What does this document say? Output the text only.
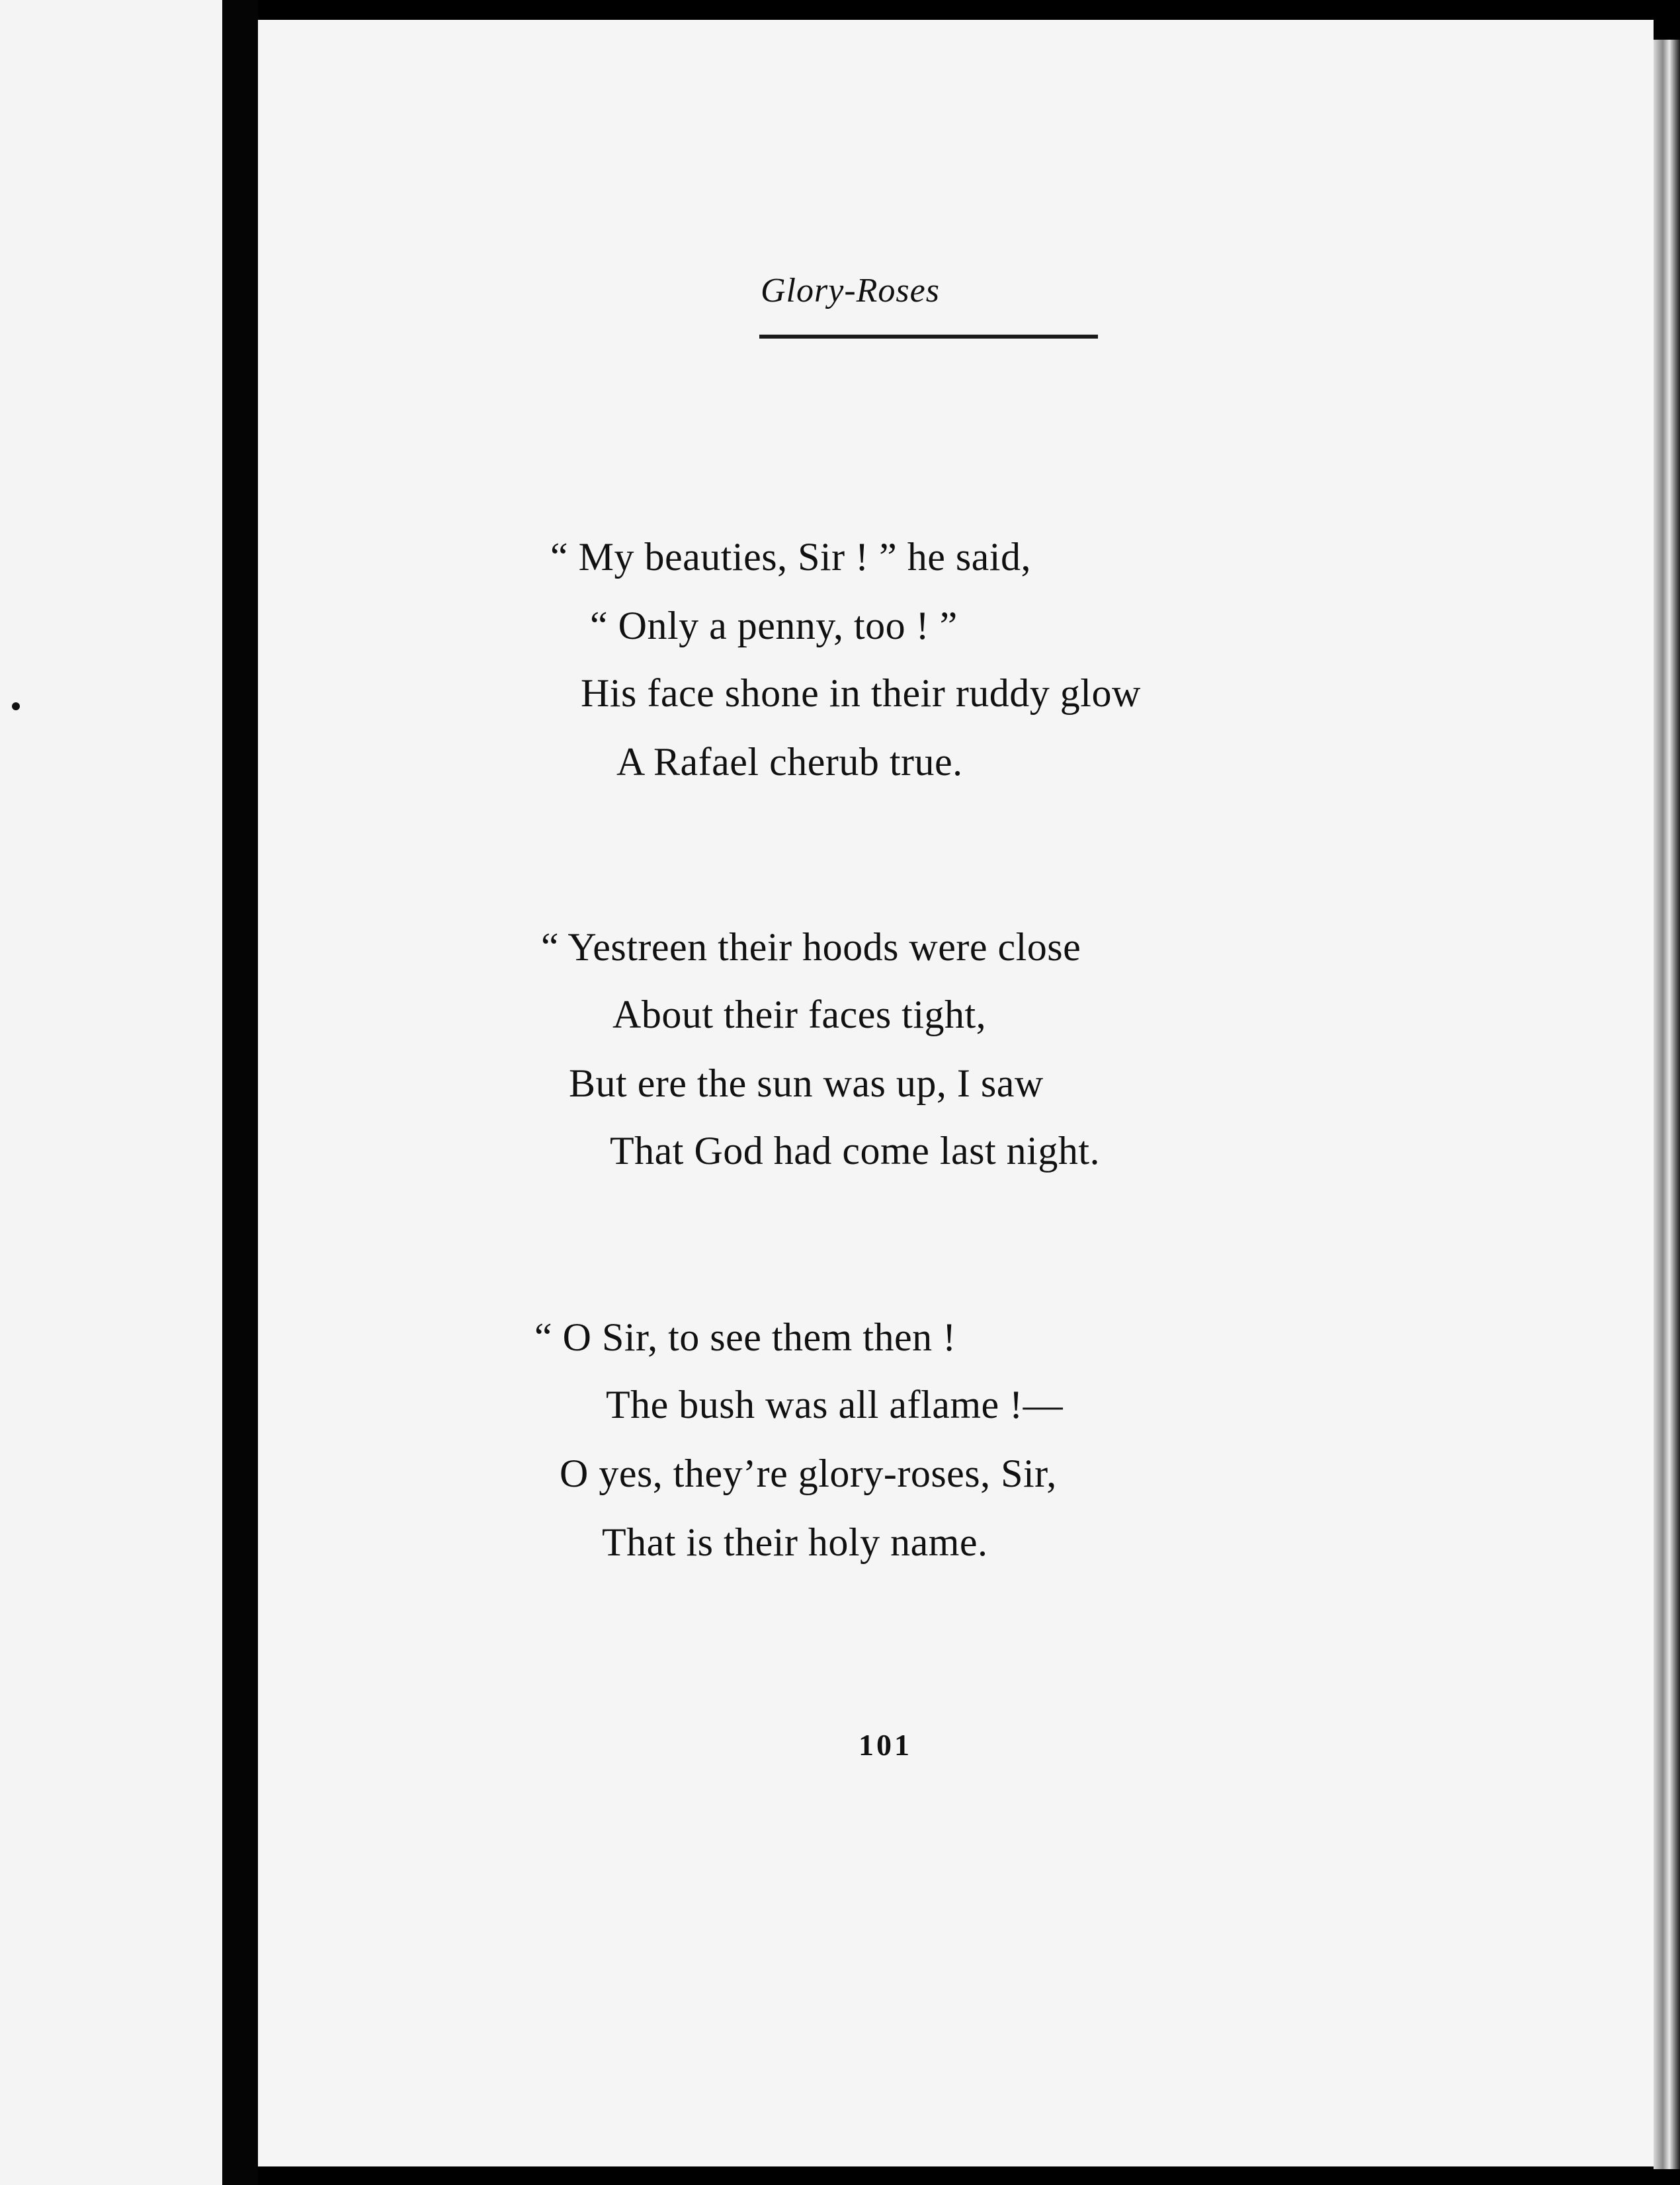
Glory-Roses
“ My beauties, Sir ! ” he said,
“ Only a penny, too ! ”
His face shone in their ruddy glow
A Rafael cherub true.
“ Yestreen their hoods were close
About their faces tight,
But ere the sun was up, I saw
That God had come last night.
“ O Sir, to see them then !
The bush was all aflame !—
O yes, they’re glory-roses, Sir,
That is their holy name.
101
